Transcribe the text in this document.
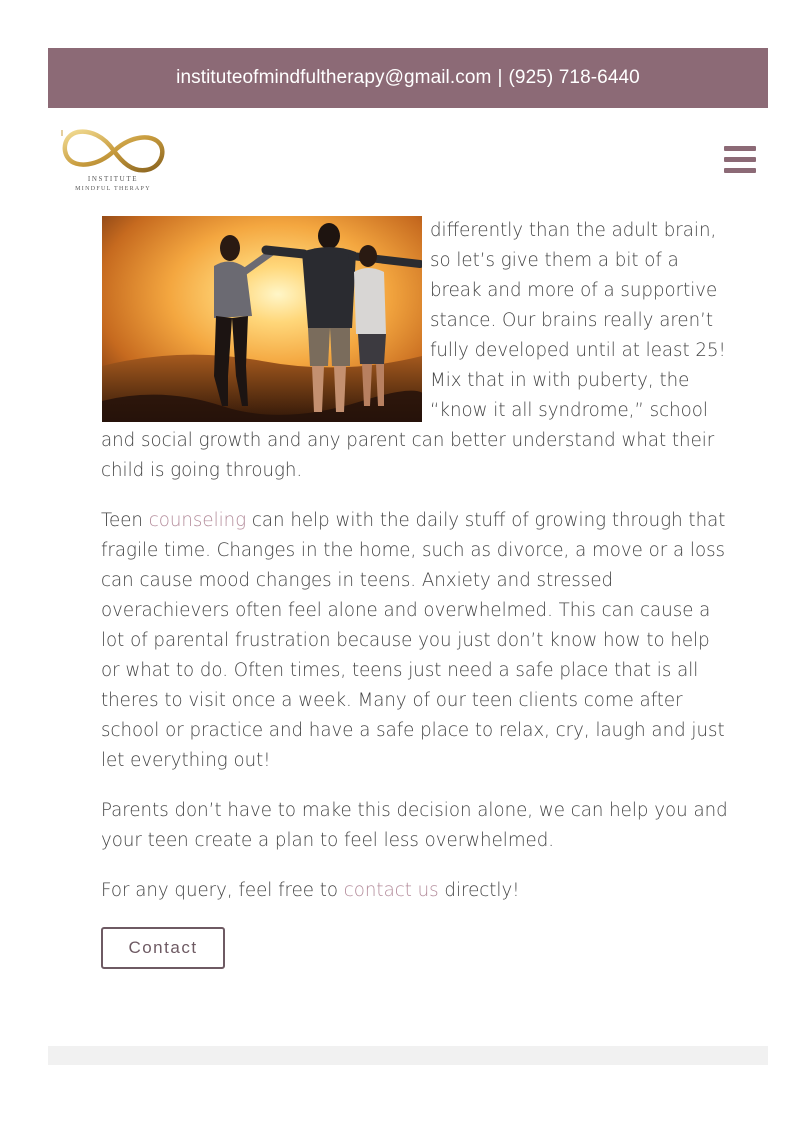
instituteofmindfultherapy@gmail.com | (925) 718-6440
INSTITUTE
MINDFUL THERAPY

differently than the adult brain, so let’s give them a bit of a break and more of a supportive stance. Our brains really aren’t fully developed until at least 25! Mix that in with puberty, the “know it all syndrome,” school and social growth and any parent can better understand what their child is going through.

Teen counseling can help with the daily stuff of growing through that fragile time. Changes in the home, such as divorce, a move or a loss can cause mood changes in teens. Anxiety and stressed overachievers often feel alone and overwhelmed. This can cause a lot of parental frustration because you just don’t know how to help or what to do. Often times, teens just need a safe place that is all theres to visit once a week. Many of our teen clients come after school or practice and have a safe place to relax, cry, laugh and just let everything out!

Parents don’t have to make this decision alone, we can help you and your teen create a plan to feel less overwhelmed.

For any query, feel free to contact us directly!

Contact
